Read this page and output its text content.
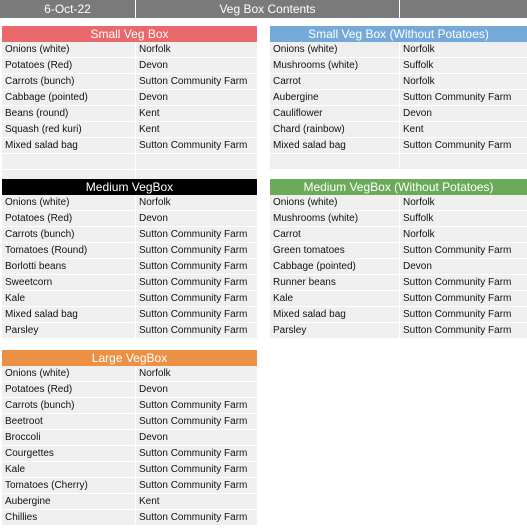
6-Oct-22	Veg Box Contents
Small Veg Box
Onions (white)	Norfolk
Potatoes (Red)	Devon
Carrots (bunch)	Sutton Community Farm
Cabbage (pointed)	Devon
Beans (round)	Kent
Squash (red kuri)	Kent
Mixed salad bag	Sutton Community Farm
Small Veg Box (Without Potatoes)
Onions (white)	Norfolk
Mushrooms (white)	Suffolk
Carrot	Norfolk
Aubergine	Sutton Community Farm
Cauliflower	Devon
Chard (rainbow)	Kent
Mixed salad bag	Sutton Community Farm
Medium VegBox
Onions (white)	Norfolk
Potatoes (Red)	Devon
Carrots (bunch)	Sutton Community Farm
Tomatoes (Round)	Sutton Community Farm
Borlotti beans	Sutton Community Farm
Sweetcorn	Sutton Community Farm
Kale	Sutton Community Farm
Mixed salad bag	Sutton Community Farm
Parsley	Sutton Community Farm
Medium VegBox (Without Potatoes)
Onions (white)	Norfolk
Mushrooms (white)	Suffolk
Carrot	Norfolk
Green tomatoes	Sutton Community Farm
Cabbage (pointed)	Devon
Runner beans	Sutton Community Farm
Kale	Sutton Community Farm
Mixed salad bag	Sutton Community Farm
Parsley	Sutton Community Farm
Large VegBox
Onions (white)	Norfolk
Potatoes (Red)	Devon
Carrots (bunch)	Sutton Community Farm
Beetroot	Sutton Community Farm
Broccoli	Devon
Courgettes	Sutton Community Farm
Kale	Sutton Community Farm
Tomatoes (Cherry)	Sutton Community Farm
Aubergine	Kent
Chillies	Sutton Community Farm
